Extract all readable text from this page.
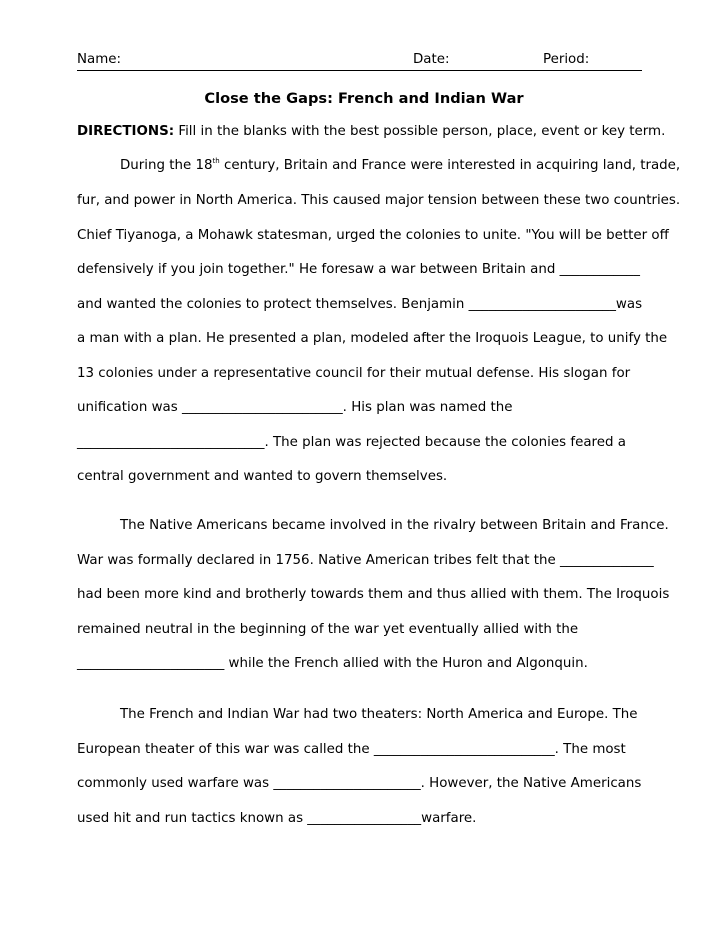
Name:	Date:	Period:
Close the Gaps: French and Indian War
DIRECTIONS: Fill in the blanks with the best possible person, place, event or key term.
During the 18th century, Britain and France were interested in acquiring land, trade,
fur, and power in North America. This caused major tension between these two countries.
Chief Tiyanoga, a Mohawk statesman, urged the colonies to unite. "You will be better off
defensively if you join together." He foresaw a war between Britain and ____________
and wanted the colonies to protect themselves. Benjamin ______________________was
a man with a plan. He presented a plan, modeled after the Iroquois League, to unify the
13 colonies under a representative council for their mutual defense. His slogan for
unification was ________________________. His plan was named the
____________________________. The plan was rejected because the colonies feared a
central government and wanted to govern themselves.
The Native Americans became involved in the rivalry between Britain and France.
War was formally declared in 1756. Native American tribes felt that the ______________
had been more kind and brotherly towards them and thus allied with them. The Iroquois
remained neutral in the beginning of the war yet eventually allied with the
______________________ while the French allied with the Huron and Algonquin.
The French and Indian War had two theaters: North America and Europe. The
European theater of this war was called the ___________________________. The most
commonly used warfare was ______________________. However, the Native Americans
used hit and run tactics known as _________________warfare.
